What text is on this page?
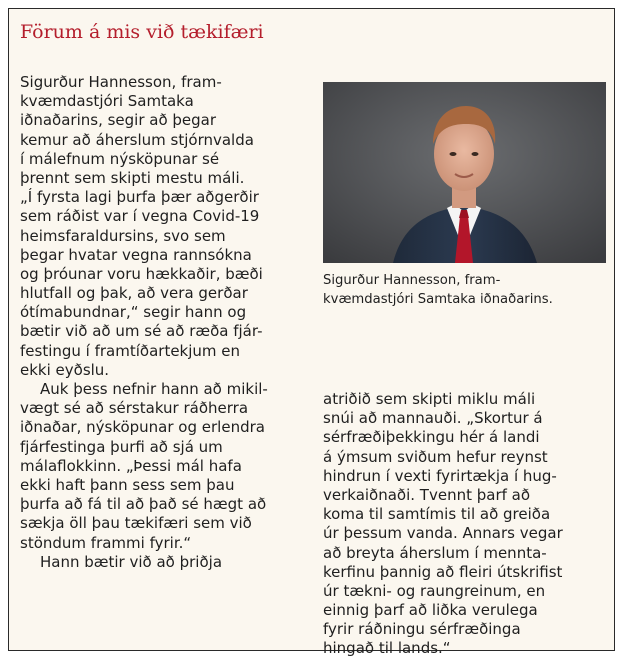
Förum á mis við tækifæri
Sigurður Hannesson, fram-
kvæmdastjóri Samtaka
iðnaðarins, segir að þegar
kemur að áherslum stjórnvalda
í málefnum nýsköpunar sé
þrennt sem skipti mestu máli.
„Í fyrsta lagi þurfa þær aðgerðir
sem ráðist var í vegna Covid-19
heimsfaraldursins, svo sem
þegar hvatar vegna rannsókna
og þróunar voru hækkaðir, bæði
hlutfall og þak, að vera gerðar
ótímabundnar,“ segir hann og
bætir við að um sé að ræða fjár-
festingu í framtíðartekjum en
ekki eyðslu.
Auk þess nefnir hann að mikil-
vægt sé að sérstakur ráðherra
iðnaðar, nýsköpunar og erlendra
fjárfestinga þurfi að sjá um
málaflokkinn. „Þessi mál hafa
ekki haft þann sess sem þau
þurfa að fá til að það sé hægt að
sækja öll þau tækifæri sem við
stöndum frammi fyrir.“
Hann bætir við að þriðja
Sigurður Hannesson, fram-
kvæmdastjóri Samtaka iðnaðarins.
atriðið sem skipti miklu máli
snúi að mannauði. „Skortur á
sérfræðiþekkingu hér á landi
á ýmsum sviðum hefur reynst
hindrun í vexti fyrirtækja í hug-
verkaiðnaði. Tvennt þarf að
koma til samtímis til að greiða
úr þessum vanda. Annars vegar
að breyta áherslum í mennta-
kerfinu þannig að fleiri útskrifist
úr tækni- og raungreinum, en
einnig þarf að liðka verulega
fyrir ráðningu sérfræðinga
hingað til lands.“
